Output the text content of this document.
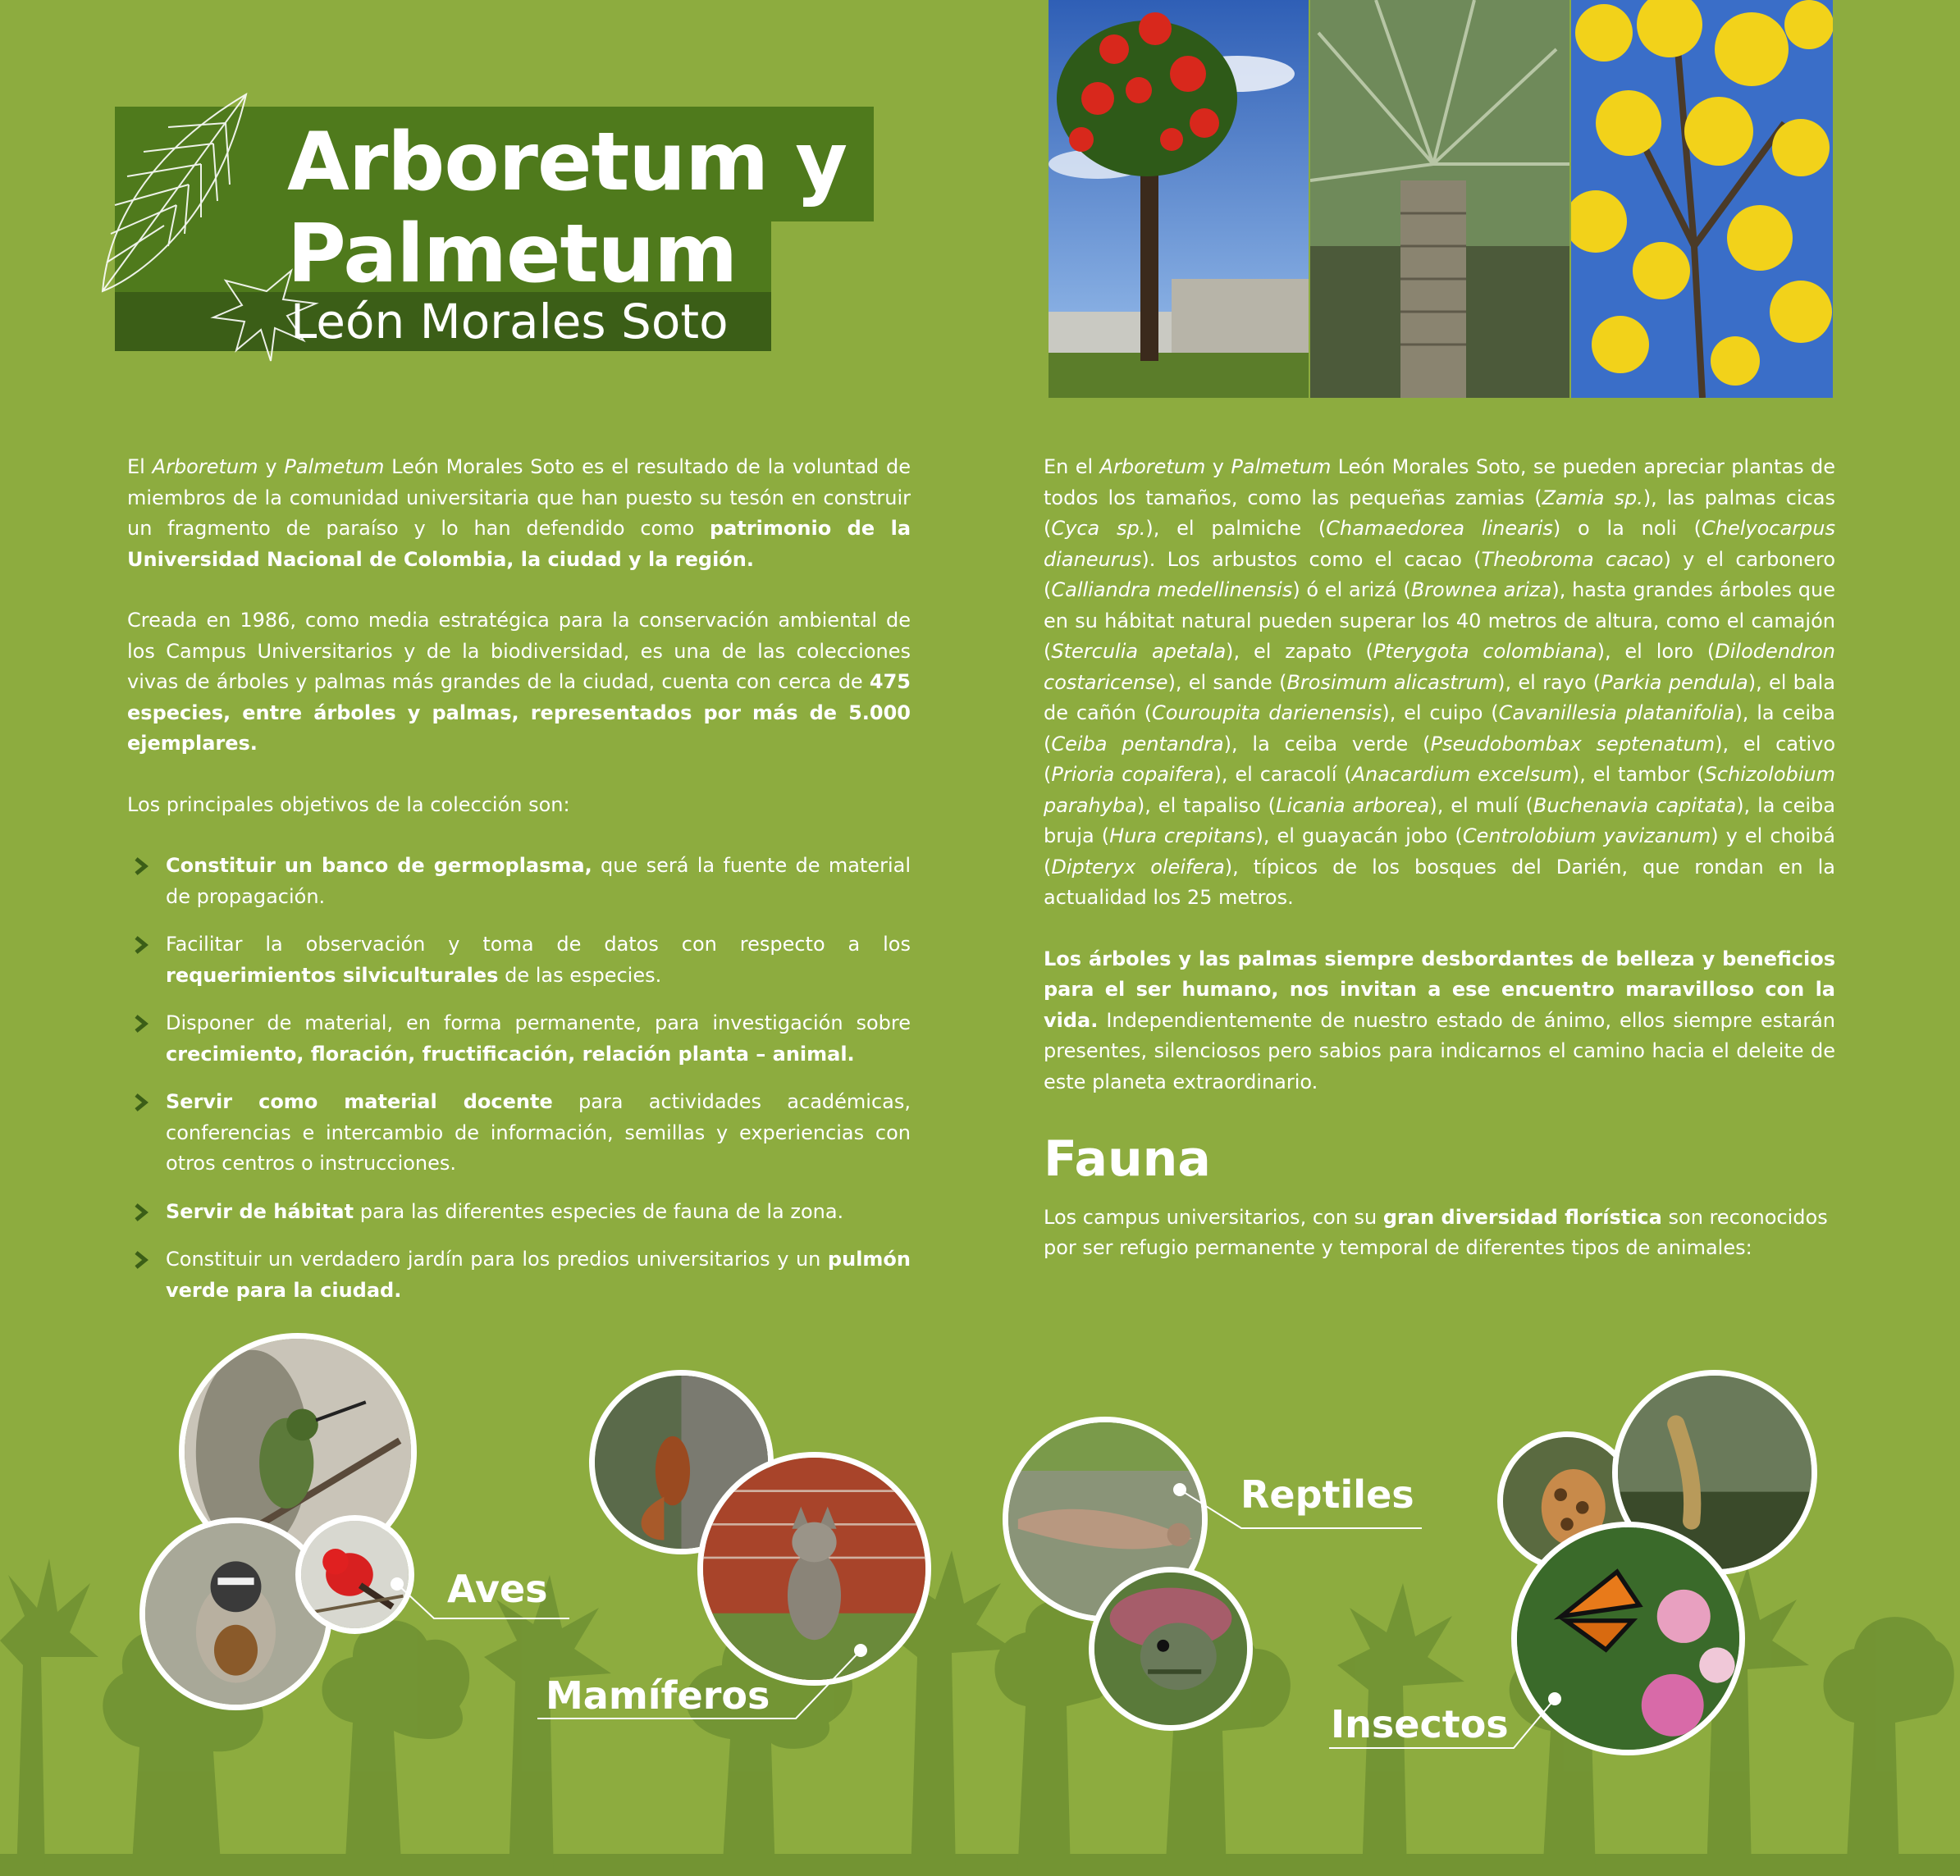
Arboretum y
Palmetum
León Morales Soto

El Arboretum y Palmetum León Morales Soto es el resultado de la voluntad de miembros de la comunidad universitaria que han puesto su tesón en construir un fragmento de paraíso y lo han defendido como patrimonio de la Universidad Nacional de Colombia, la ciudad y la región.

Creada en 1986, como media estratégica para la conservación ambiental de los Campus Universitarios y de la biodiversidad, es una de las colecciones vivas de árboles y palmas más grandes de la ciudad, cuenta con cerca de 475 especies, entre árboles y palmas, representados por más de 5.000 ejemplares.

Los principales objetivos de la colección son:

Constituir un banco de germoplasma, que será la fuente de material de propagación.
Facilitar la observación y toma de datos con respecto a los requerimientos silviculturales de las especies.
Disponer de material, en forma permanente, para investigación sobre crecimiento, floración, fructificación, relación planta – animal.
Servir como material docente para actividades académicas, conferencias e intercambio de información, semillas y experiencias con otros centros o instrucciones.
Servir de hábitat para las diferentes especies de fauna de la zona.
Constituir un verdadero jardín para los predios universitarios y un pulmón verde para la ciudad.

En el Arboretum y Palmetum León Morales Soto, se pueden apreciar plantas de todos los tamaños, como las pequeñas zamias (Zamia sp.), las palmas cicas (Cyca sp.), el palmiche (Chamaedorea linearis) o la noli (Chelyocarpus dianeurus). Los arbustos como el cacao (Theobroma cacao) y el carbonero (Calliandra medellinensis) ó el arizá (Brownea ariza), hasta grandes árboles que en su hábitat natural pueden superar los 40 metros de altura, como el camajón (Sterculia apetala), el zapato (Pterygota colombiana), el loro (Dilodendron costaricense), el sande (Brosimum alicastrum), el rayo (Parkia pendula), el bala de cañón (Couroupita darienensis), el cuipo (Cavanillesia platanifolia), la ceiba (Ceiba pentandra), la ceiba verde (Pseudobombax septenatum), el cativo (Prioria copaifera), el caracolí (Anacardium excelsum), el tambor (Schizolobium parahyba), el tapaliso (Licania arborea), el mulí (Buchenavia capitata), la ceiba bruja (Hura crepitans), el guayacán jobo (Centrolobium yavizanum) y el choibá (Dipteryx oleifera), típicos de los bosques del Darién, que rondan en la actualidad los 25 metros.

Los árboles y las palmas siempre desbordantes de belleza y beneficios para el ser humano, nos invitan a ese encuentro maravilloso con la vida. Independientemente de nuestro estado de ánimo, ellos siempre estarán presentes, silenciosos pero sabios para indicarnos el camino hacia el deleite de este planeta extraordinario.

Fauna
Los campus universitarios, con su gran diversidad florística son reconocidos por ser refugio permanente y temporal de diferentes tipos de animales:
Aves
Mamíferos
Reptiles
Insectos
